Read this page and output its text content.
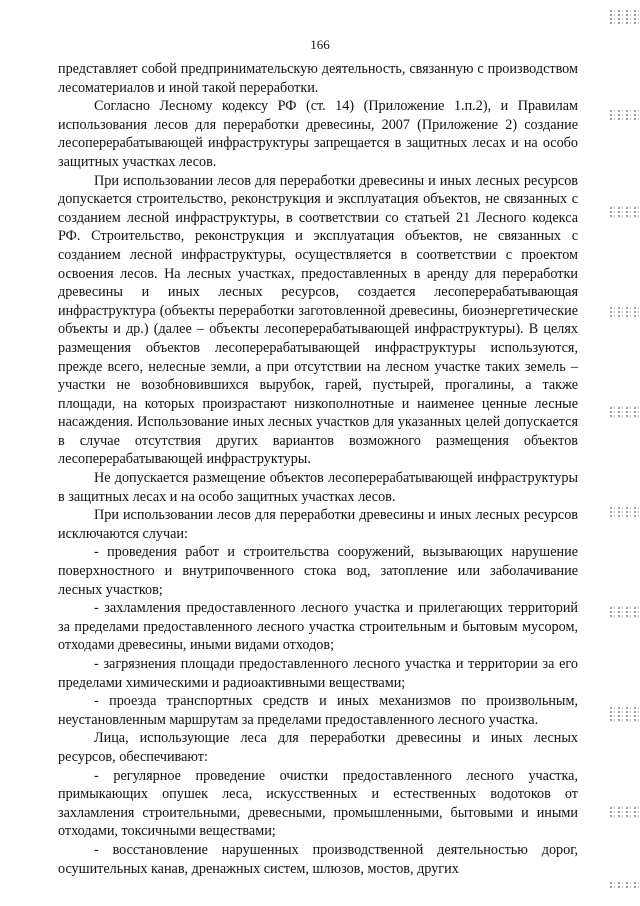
166

представляет собой предпринимательскую деятельность, связанную с производством лесоматериалов и иной такой переработки.

Согласно Лесному кодексу РФ (ст. 14) (Приложение 1.п.2), и Правилам использования лесов для переработки древесины, 2007 (Приложение 2) создание лесоперерабатывающей инфраструктуры запрещается в защитных лесах и на особо защитных участках лесов.

При использовании лесов для переработки древесины и иных лесных ресурсов допускается строительство, реконструкция и эксплуатация объектов, не связанных с созданием лесной инфраструктуры, в соответствии со статьей 21 Лесного кодекса РФ. Строительство, реконструкция и эксплуатация объектов, не связанных с созданием лесной инфраструктуры, осуществляется в соответствии с проектом освоения лесов. На лесных участках, предоставленных в аренду для переработки древесины и иных лесных ресурсов, создается лесоперерабатывающая инфраструктура (объекты переработки заготовленной древесины, биоэнергетические объекты и др.) (далее – объекты лесоперерабатывающей инфраструктуры). В целях размещения объектов лесоперерабатывающей инфраструктуры используются, прежде всего, нелесные земли, а при отсутствии на лесном участке таких земель – участки не возобновившихся вырубок, гарей, пустырей, прогалины, а также площади, на которых произрастают низкополнотные и наименее ценные лесные насаждения. Использование иных лесных участков для указанных целей допускается в случае отсутствия других вариантов возможного размещения объектов лесоперерабатывающей инфраструктуры.

Не допускается размещение объектов лесоперерабатывающей инфраструктуры в защитных лесах и на особо защитных участках лесов.

При использовании лесов для переработки древесины и иных лесных ресурсов исключаются случаи:

- проведения работ и строительства сооружений, вызывающих нарушение поверхностного и внутрипочвенного стока вод, затопление или заболачивание лесных участков;

- захламления предоставленного лесного участка и прилегающих территорий за пределами предоставленного лесного участка строительным и бытовым мусором, отходами древесины, иными видами отходов;

- загрязнения площади предоставленного лесного участка и территории за его пределами химическими и радиоактивными веществами;

- проезда транспортных средств и иных механизмов по произвольным, неустановленным маршрутам за пределами предоставленного лесного участка.

Лица, использующие леса для переработки древесины и иных лесных ресурсов, обеспечивают:

- регулярное проведение очистки предоставленного лесного участка, примыкающих опушек леса, искусственных и естественных водотоков от захламления строительными, древесными, промышленными, бытовыми и иными отходами, токсичными веществами;

- восстановление нарушенных производственной деятельностью дорог, осушительных канав, дренажных систем, шлюзов, мостов, других
